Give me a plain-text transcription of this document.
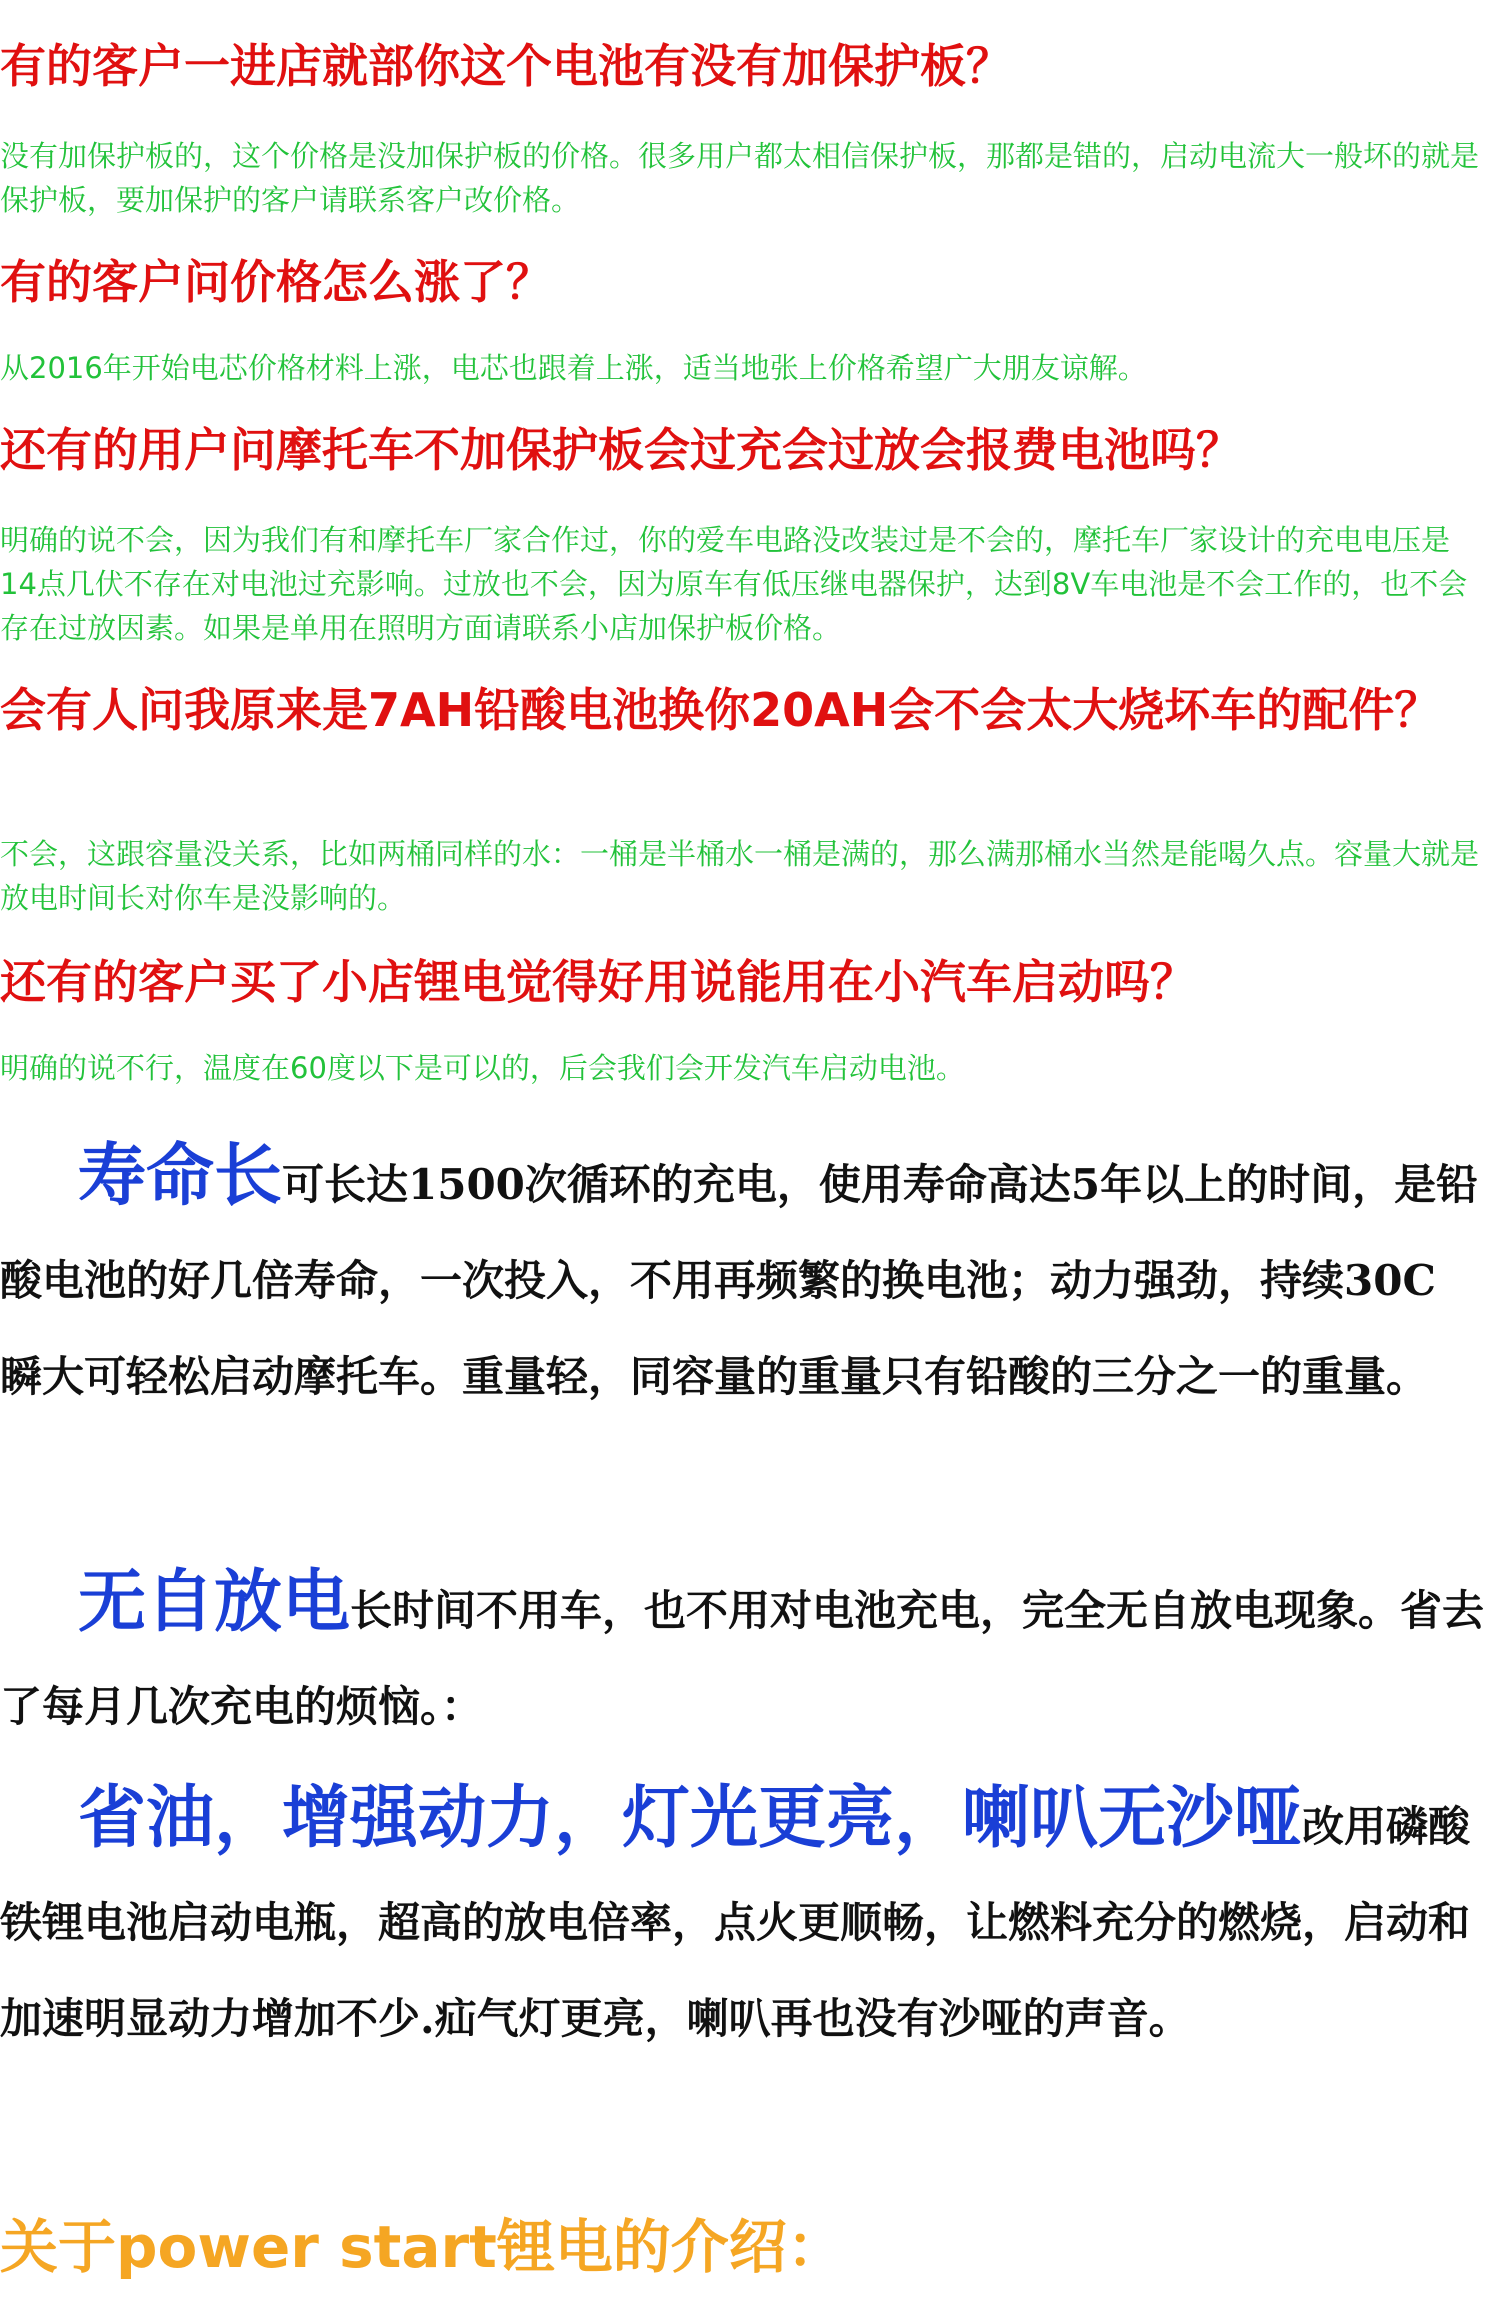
有的客户一进店就部你这个电池有没有加保护板？
没有加保护板的，这个价格是没加保护板的价格。很多用户都太相信保护板，那都是错的，启动电流大一般坏的就是保护板，要加保护的客户请联系客户改价格。
有的客户问价格怎么涨了？
从2016年开始电芯价格材料上涨，电芯也跟着上涨，适当地张上价格希望广大朋友谅解。
还有的用户问摩托车不加保护板会过充会过放会报费电池吗？
明确的说不会，因为我们有和摩托车厂家合作过，你的爱车电路没改装过是不会的，摩托车厂家设计的充电电压是14点几伏不存在对电池过充影响。过放也不会，因为原车有低压继电器保护，达到8V车电池是不会工作的，也不会存在过放因素。如果是单用在照明方面请联系小店加保护板价格。
会有人问我原来是7AH铅酸电池换你20AH会不会太大烧坏车的配件？
不会，这跟容量没关系，比如两桶同样的水：一桶是半桶水一桶是满的，那么满那桶水当然是能喝久点。容量大就是放电时间长对你车是没影响的。
还有的客户买了小店锂电觉得好用说能用在小汽车启动吗？
明确的说不行，温度在60度以下是可以的，后会我们会开发汽车启动电池。
寿命长可长达1500次循环的充电，使用寿命高达5年以上的时间，是铅酸电池的好几倍寿命，一次投入，不用再频繁的换电池；动力强劲，持续30C 瞬大可轻松启动摩托车。重量轻，同容量的重量只有铅酸的三分之一的重量。
无自放电长时间不用车，也不用对电池充电，完全无自放电现象。省去了每月几次充电的烦恼。：
省油，增强动力，灯光更亮，喇叭无沙哑改用磷酸铁锂电池启动电瓶，超高的放电倍率，点火更顺畅，让燃料充分的燃烧，启动和加速明显动力增加不少.疝气灯更亮，喇叭再也没有沙哑的声音。
关于power start锂电的介绍：
